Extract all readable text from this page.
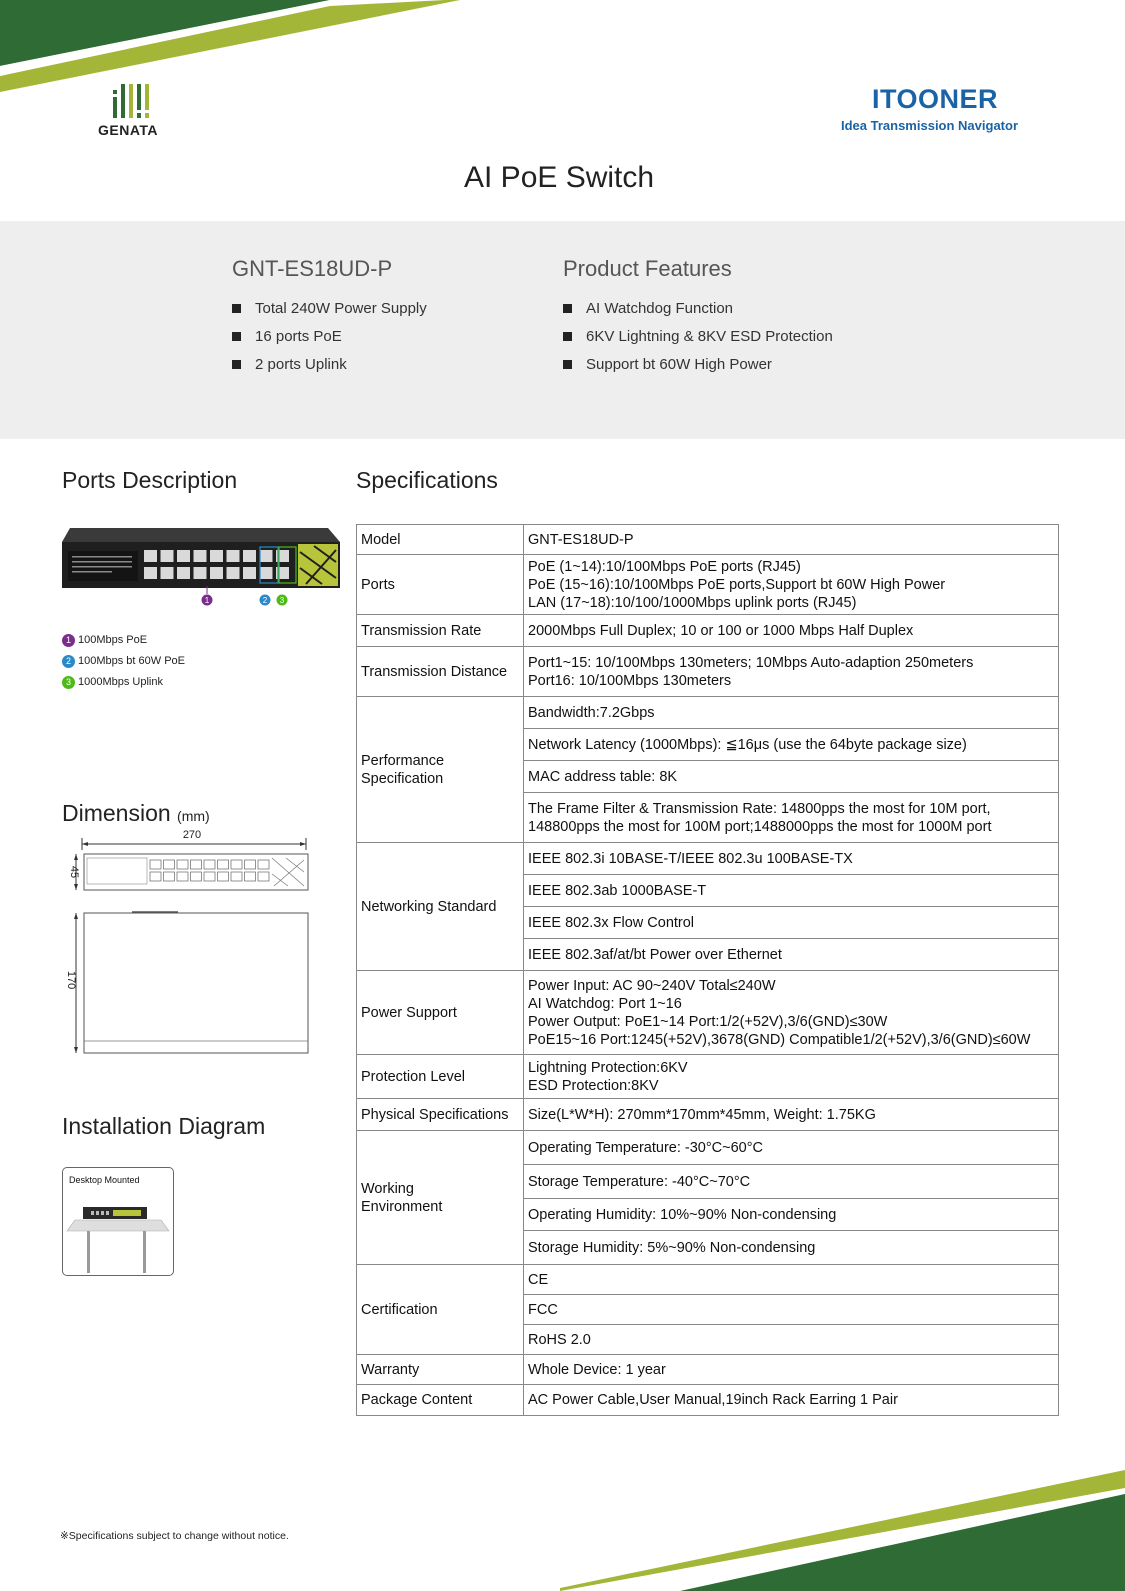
GENATA
ITOONER
Idea Transmission Navigator
AI PoE Switch
GNT-ES18UD-P
Total 240W Power Supply
16 ports PoE
2 ports Uplink
Product Features
AI Watchdog Function
6KV Lightning & 8KV ESD Protection
Support bt 60W High Power
Ports Description
1	2 3
1 100Mbps PoE
2 100Mbps bt 60W PoE
3 1000Mbps Uplink
Dimension (mm)
270
45
170
Installation Diagram
Desktop Mounted
Specifications
Model	GNT-ES18UD-P
Ports	PoE (1~14):10/100Mbps PoE ports (RJ45)
PoE (15~16):10/100Mbps PoE ports,Support bt 60W High Power
LAN (17~18):10/100/1000Mbps uplink ports (RJ45)
Transmission Rate	2000Mbps Full Duplex; 10 or 100 or 1000 Mbps Half Duplex
Transmission Distance	Port1~15: 10/100Mbps 130meters; 10Mbps Auto-adaption 250meters
Port16: 10/100Mbps 130meters
Performance
Specification	Bandwidth:7.2Gbps
	Network Latency (1000Mbps): ≦16μs (use the 64byte package size)
	MAC address table: 8K
	The Frame Filter & Transmission Rate: 14800pps the most for 10M port,
148800pps the most for 100M port;1488000pps the most for 1000M port
Networking Standard	IEEE 802.3i 10BASE-T/IEEE 802.3u 100BASE-TX
	IEEE 802.3ab 1000BASE-T
	IEEE 802.3x Flow Control
	IEEE 802.3af/at/bt Power over Ethernet
Power Support	Power Input: AC 90~240V Total≤240W
AI Watchdog: Port 1~16
Power Output: PoE1~14 Port:1/2(+52V),3/6(GND)≤30W
PoE15~16 Port:1245(+52V),3678(GND) Compatible1/2(+52V),3/6(GND)≤60W
Protection Level	Lightning Protection:6KV
ESD Protection:8KV
Physical Specifications	Size(L*W*H): 270mm*170mm*45mm, Weight: 1.75KG
Working
Environment	Operating Temperature: -30°C~60°C
	Storage Temperature: -40°C~70°C
	Operating Humidity: 10%~90% Non-condensing
	Storage Humidity: 5%~90% Non-condensing
Certification	CE
	FCC
	RoHS 2.0
Warranty	Whole Device: 1 year
Package Content	AC Power Cable,User Manual,19inch Rack Earring 1 Pair
※Specifications subject to change without notice.
